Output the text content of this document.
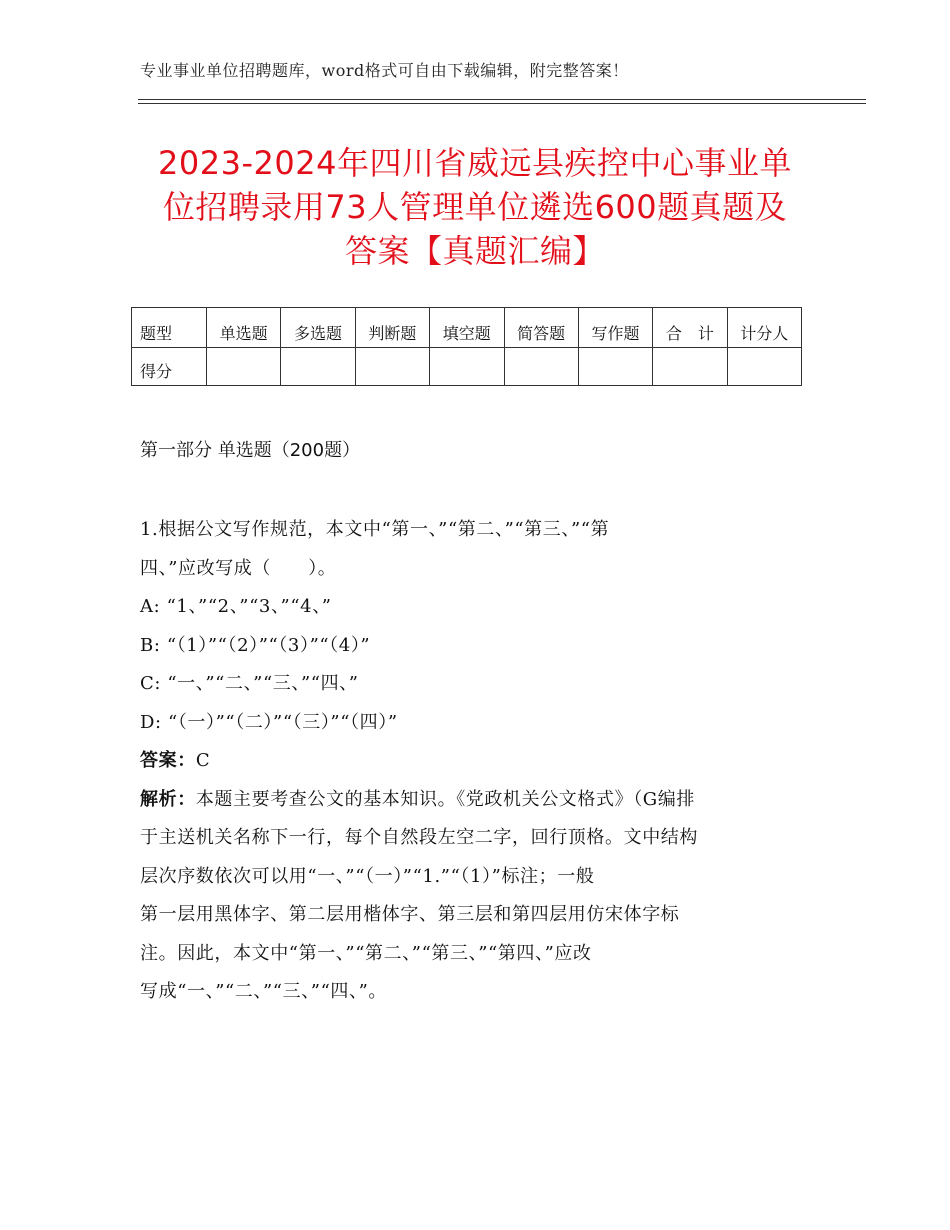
专业事业单位招聘题库，word格式可自由下载编辑，附完整答案！
2023-2024年四川省威远县疾控中心事业单
位招聘录用73人管理单位遴选600题真题及
答案【真题汇编】
题型	单选题	多选题	判断题	填空题	简答题	写作题	合　计	计分人
得分								
第一部分 单选题（200题）
1.根据公文写作规范，本文中“第一、”“第二、”“第三、”“第
四、”应改写成（　　）。
A: “1、”“2、”“3、”“4、”
B: “（1）”“（2）”“（3）”“（4）”
C: “一、”“二、”“三、”“四、”
D: “（一）”“（二）”“（三）”“（四）”
答案：C
解析：本题主要考查公文的基本知识。《党政机关公文格式》（G编排
于主送机关名称下一行，每个自然段左空二字，回行顶格。文中结构
层次序数依次可以用“一、”“（一）”“1.”“（1）”标注；一般
第一层用黑体字、第二层用楷体字、第三层和第四层用仿宋体字标
注。因此，本文中“第一、”“第二、”“第三、”“第四、”应改
写成“一、”“二、”“三、”“四、”。
